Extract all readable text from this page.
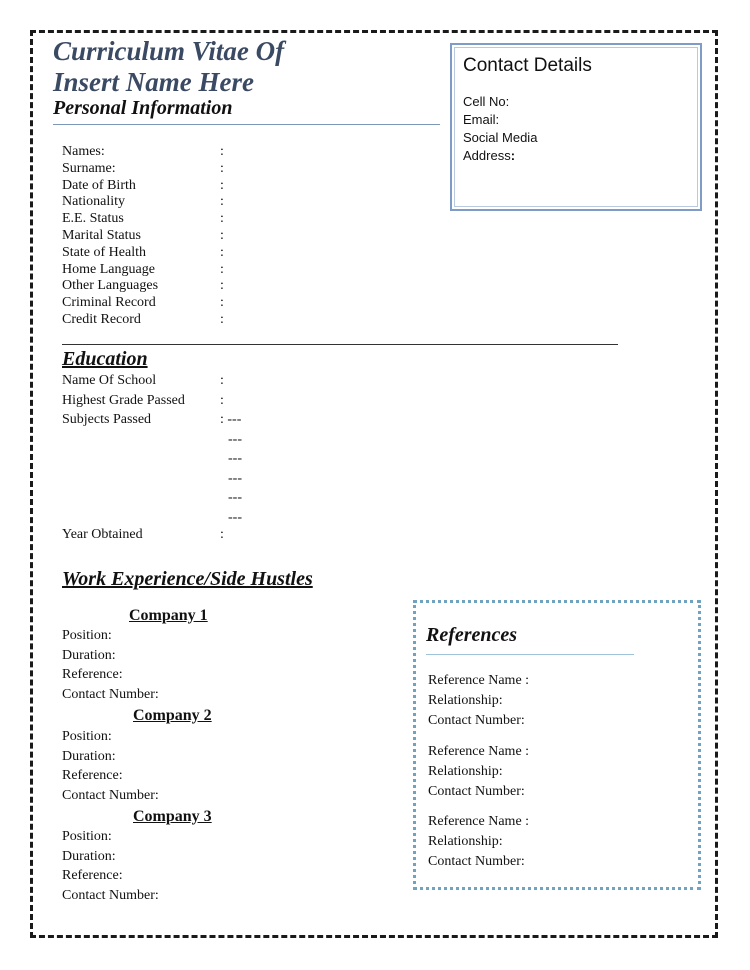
Curriculum Vitae Of
Insert Name Here
Personal Information
Names:	:
Surname:	:
Date of Birth	:
Nationality	:
E.E. Status	:
Marital Status	:
State of Health	:
Home Language	:
Other Languages	:
Criminal Record	:
Credit Record	:
Contact Details
Cell No:
Email:
Social Media
Address:
Education
Name Of School	:
Highest Grade Passed	:
Subjects Passed	: ---
---
---
---
---
---
Year Obtained	:
Work Experience/Side Hustles
Company 1
Position:
Duration:
Reference:
Contact Number:
Company 2
Position:
Duration:
Reference:
Contact Number:
Company 3
Position:
Duration:
Reference:
Contact Number:
References
Reference Name :
Relationship:
Contact Number:
Reference Name :
Relationship:
Contact Number:
Reference Name :
Relationship:
Contact Number:
